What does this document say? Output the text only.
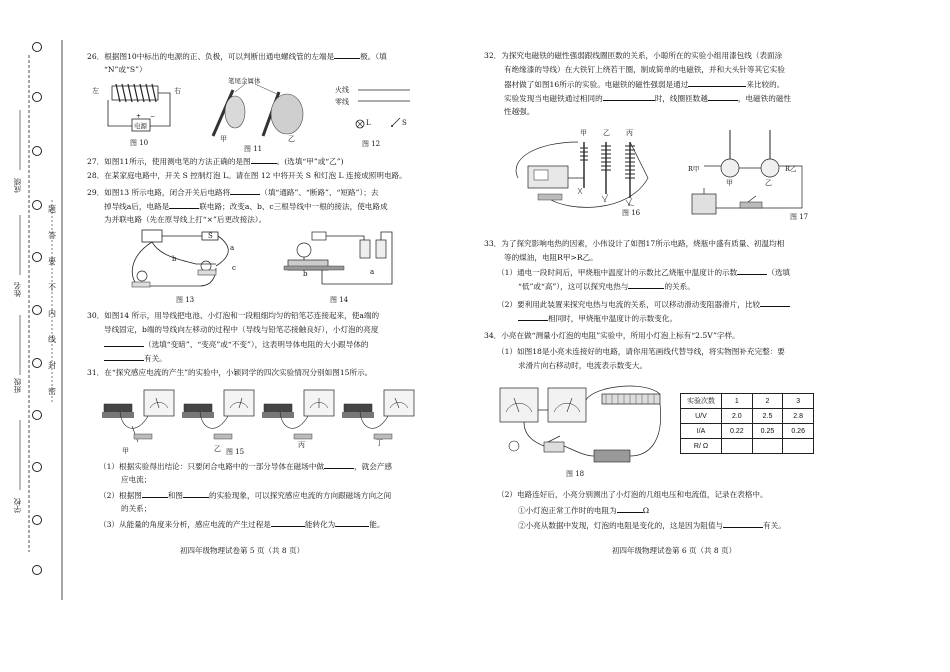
题
答
要
不
内
线
封
密
成绩
姓名
班级
学校
26．根据图10中标出的电源的正、负极，可以判断出通电螺线管的左端是	极。（填
“N”或“S”）
+ −
左	右
电源
图 10
笔尾金属体
甲	乙
图 11
火线
零线
L	S
图 12
27．如图11所示，使用测电笔的方法正确的是图	。(选填“甲”或“乙”)
28．在某家庭电路中，开关 S 控制灯泡 L。请在图 12 中将开关 S 和灯泡 L 连接成照明电路。
29．如图13 所示电路，闭合开关后电路将	（填“通路”、“断路”、“短路”）；去
掉导线a后，电路是	联电路；改变a、b、c三根导线中一根的接法，使电路成
为并联电路（先在原导线上打“×”后更改接法）。
S
a
b
c
图 13
a
b
图 14
30．如图14 所示，用导线把电池、小灯泡和一段粗细均匀的铅笔芯连接起来，使a端的
导线固定，b端的导线向左移动的过程中（导线与铅笔芯接触良好），小灯泡的亮度
（选填“变暗”、“变亮”或“不变”），这表明导体电阻的大小跟导体的
有关。
31．在“探究感应电流的产生”的实验中，小颖同学的四次实验情况分别如图15所示。
甲	乙	丙	丁
图 15
（1）根据实验得出结论：只要闭合电路中的一部分导体在磁场中做	，就会产感
应电流；
（2）根据图	和图	的实验现象，可以探究感应电流的方向跟磁场方向之间
的关系；
（3）从能量的角度来分析，感应电流的产生过程是	能转化为	能。
初四年级物理试卷第 5 页（共 8 页）
32．为探究电磁铁的磁性强弱跟线圈匝数的关系，小聪所在的实验小组用漆包线（表面涂
有绝缘漆的导线）在大铁钉上绕若干圈，制成简单的电磁铁，并和大头针等其它实验
器材做了如图16所示的实验。电磁铁的磁性强弱是通过	来比较的。
实验发现当电磁铁通过相同的	时，线圈匝数越	，电磁铁的磁性
性越强。
甲 乙 丙
图 16
R甲	R乙
甲	乙
图 17
33．为了探究影响电热的因素，小伟设计了如图17所示电路，烧瓶中盛有质量、初温均相
等的煤油，电阻R甲>R乙。
（1）通电一段时间后，甲烧瓶中温度计的示数比乙烧瓶中温度计的示数	（选填
“低”或“高”），这可以探究电热与	的关系。
（2）要利用此装置来探究电热与电流的关系，可以移动滑动变阻器滑片，比较
相同时，甲烧瓶中温度计的示数变化。
34．小亮在做“测量小灯泡的电阻”实验中，所用小灯泡上标有“2.5V”字样。
（1）如图18是小亮未连接好的电路，请你用笔画线代替导线，将实物图补充完整：要
求滑片向右移动时，电流表示数变大。
图 18
实验次数	1	2	3
U/V	2.0	2.5	2.8
I/A	0.22	0.25	0.26
R/ Ω			
（2）电路连好后，小亮分别测出了小灯泡的几组电压和电流值，记录在表格中。
①小灯泡正常工作时的电阻为	Ω
②小亮从数据中发现，灯泡的电阻是变化的，这是因为阻值与	有关。
初四年级物理试卷第 6 页（共 8 页）
